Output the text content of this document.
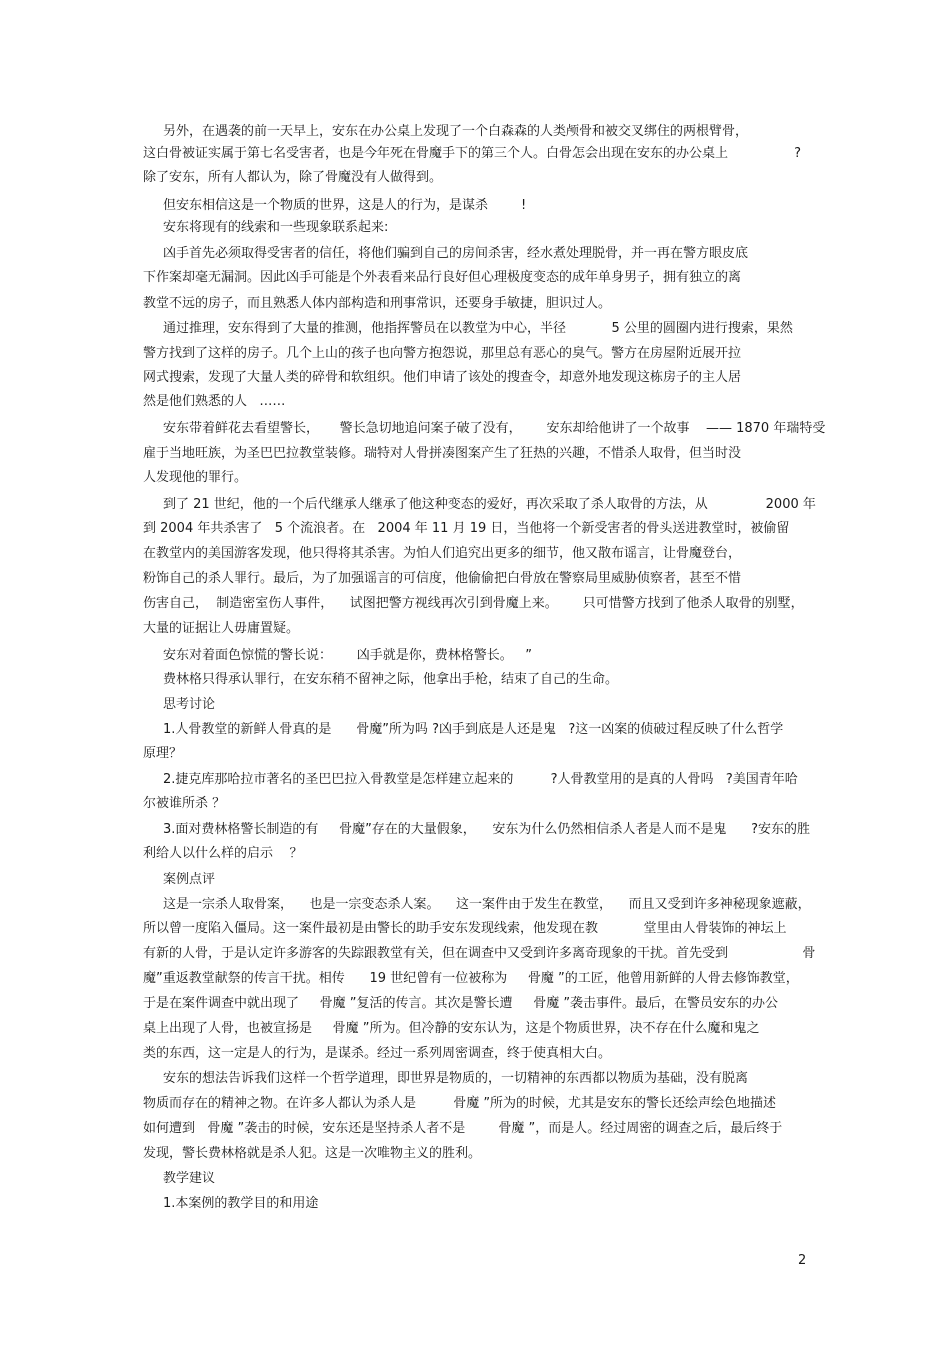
另外，在遇袭的前一天早上，安东在办公桌上发现了一个白森森的人类颅骨和被交叉绑住的两根臂骨，
这白骨被证实属于第七名受害者，也是今年死在骨魔手下的第三个人。白骨怎会出现在安东的办公桌上                ?
除了安东，所有人都认为，除了骨魔没有人做得到。
但安东相信这是一个物质的世界，这是人的行为，是谋杀        !
安东将现有的线索和一些现象联系起来:
凶手首先必须取得受害者的信任，将他们骗到自己的房间杀害，经水煮处理脱骨，并一再在警方眼皮底
下作案却毫无漏洞。因此凶手可能是个外表看来品行良好但心理极度变态的成年单身男子，拥有独立的离
教堂不远的房子，而且熟悉人体内部构造和刑事常识，还要身手敏捷，胆识过人。
通过推理，安东得到了大量的推测，他指挥警员在以教堂为中心，半径           5 公里的圆圈内进行搜索，果然
警方找到了这样的房子。几个上山的孩子也向警方抱怨说，那里总有恶心的臭气。警方在房屋附近展开拉
网式搜索，发现了大量人类的碎骨和软组织。他们申请了该处的搜查令，却意外地发现这栋房子的主人居
然是他们熟悉的人   ……
安东带着鲜花去看望警长，     警长急切地追问案子破了没有，      安东却给他讲了一个故事    —— 1870 年瑞特受
雇于当地旺族，为圣巴巴拉教堂装修。瑞特对人骨拼凑图案产生了狂热的兴趣，不惜杀人取骨，但当时没
人发现他的罪行。
到了 21 世纪，他的一个后代继承人继承了他这种变态的爱好，再次采取了杀人取骨的方法，从              2000 年
到 2004 年共杀害了   5 个流浪者。在   2004 年 11 月 19 日，当他将一个新受害者的骨头送进教堂时，被偷留
在教堂内的美国游客发现，他只得将其杀害。为怕人们追究出更多的细节，他又散布谣言，让骨魔登台，
粉饰自己的杀人罪行。最后，为了加强谣言的可信度，他偷偷把白骨放在警察局里威胁侦察者，甚至不惜
伤害自己，  制造密室伤人事件，    试图把警方视线再次引到骨魔上来。      只可惜警方找到了他杀人取骨的别墅，
大量的证据让人毋庸置疑。
安东对着面色惊慌的警长说：      凶手就是你，费林格警长。   ”
费林格只得承认罪行，在安东稍不留神之际，他拿出手枪，结束了自己的生命。
思考讨论
1.人骨教堂的新鲜人骨真的是      骨魔”所为吗 ?凶手到底是人还是鬼   ?这一凶案的侦破过程反映了什么哲学
原理？
2.捷克库那哈拉市著名的圣巴巴拉入骨教堂是怎样建立起来的         ?人骨教堂用的是真的人骨吗   ?美国青年哈
尔被谁所杀 ？
3.面对费林格警长制造的有     骨魔”存在的大量假象，    安东为什么仍然相信杀人者是人而不是鬼      ?安东的胜
利给人以什么样的启示    ？
案例点评
这是一宗杀人取骨案，    也是一宗变态杀人案。    这一案件由于发生在教堂，    而且又受到许多神秘现象遮蔽，
所以曾一度陷入僵局。这一案件最初是由警长的助手安东发现线索，他发现在教           堂里由人骨装饰的神坛上
有新的人骨，于是认定许多游客的失踪跟教堂有关，但在调查中又受到许多离奇现象的干扰。首先受到                  骨
魔”重返教堂献祭的传言干扰。相传      19 世纪曾有一位被称为     骨魔 ”的工匠，他曾用新鲜的人骨去修饰教堂，
于是在案件调查中就出现了     骨魔 ”复活的传言。其次是警长遭     骨魔 ”袭击事件。最后，在警员安东的办公
桌上出现了人骨，也被宣扬是     骨魔 ”所为。但冷静的安东认为，这是个物质世界，决不存在什么魔和鬼之
类的东西，这一定是人的行为，是谋杀。经过一系列周密调查，终于使真相大白。
安东的想法告诉我们这样一个哲学道理，即世界是物质的，一切精神的东西都以物质为基础，没有脱离
物质而存在的精神之物。在许多人都认为杀人是         骨魔 ”所为的时候，尤其是安东的警长还绘声绘色地描述
如何遭到   骨魔 ”袭击的时候，安东还是坚持杀人者不是        骨魔 ”，而是人。经过周密的调查之后，最后终于
发现，警长费林格就是杀人犯。这是一次唯物主义的胜利。
教学建议
1.本案例的教学目的和用途
2
